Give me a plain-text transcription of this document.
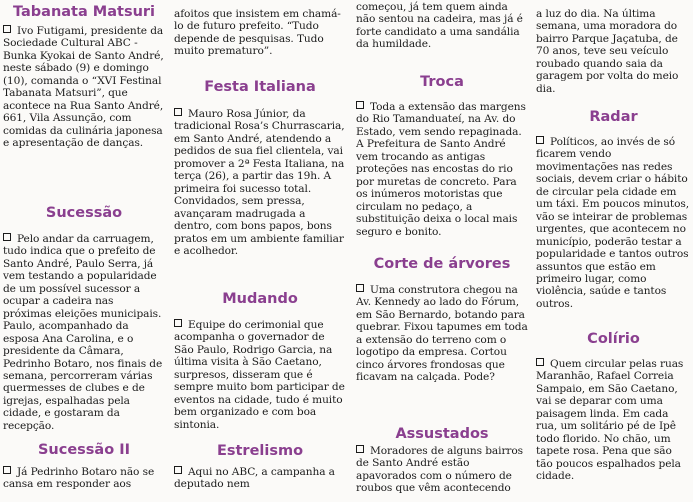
Tabanata Matsuri

Ivo Futigami, presidente da Sociedade Cultural ABC - Bunka Kyokai de Santo André, neste sábado (9) e domingo (10), comanda o “XVI Festinal Tabanata Matsuri”, que acontece na Rua Santo André, 661, Vila Assunção, com comidas da culinária japonesa e apresentação de danças.

Sucessão

Pelo andar da carruagem, tudo indica que o prefeito de Santo André, Paulo Serra, já vem testando a popularidade de um possível sucessor a ocupar a cadeira nas próximas eleições municipais. Paulo, acompanhado da esposa Ana Carolina, e o presidente da Câmara, Pedrinho Botaro, nos finais de semana, percorreram várias quermesses de clubes e de igrejas, espalhadas pela cidade, e gostaram da recepção.

Sucessão II

Já Pedrinho Botaro não se cansa em responder aos

afoitos que insistem em chamá-lo de futuro prefeito. “Tudo depende de pesquisas. Tudo muito prematuro”.

Festa Italiana

Mauro Rosa Júnior, da tradicional Rosa’s Churrascaria, em Santo André, atendendo a pedidos de sua fiel clientela, vai promover a 2ª Festa Italiana, na terça (26), a partir das 19h. A primeira foi sucesso total. Convidados, sem pressa, avançaram madrugada a dentro, com bons papos, bons pratos em um ambiente familiar e acolhedor.

Mudando

Equipe do cerimonial que acompanha o governador de São Paulo, Rodrigo Garcia, na última visita à São Caetano, surpresos, disseram que é sempre muito bom participar de eventos na cidade, tudo é muito bem organizado e com boa sintonia.

Estrelismo

Aqui no ABC, a campanha a deputado nem

começou, já tem quem ainda não sentou na cadeira, mas já é forte candidato a uma sandália da humildade.

Troca

Toda a extensão das margens do Rio Tamanduateí, na Av. do Estado, vem sendo repaginada. A Prefeitura de Santo André vem trocando as antigas proteções nas encostas do rio por muretas de concreto. Para os inúmeros motoristas que circulam no pedaço, a substituição deixa o local mais seguro e bonito.

Corte de árvores

Uma construtora chegou na Av. Kennedy ao lado do Fórum, em São Bernardo, botando para quebrar. Fixou tapumes em toda a extensão do terreno com o logotipo da empresa. Cortou cinco árvores frondosas que ficavam na calçada. Pode?

Assustados

Moradores de alguns bairros de Santo André estão apavorados com o número de roubos que vêm acontecendo

a luz do dia. Na última semana, uma moradora do bairro Parque Jaçatuba, de 70 anos, teve seu veículo roubado quando saia da garagem por volta do meio dia.

Radar

Políticos, ao invés de só ficarem vendo movimentações nas redes sociais, devem criar o hábito de circular pela cidade em um táxi. Em poucos minutos, vão se inteirar de problemas urgentes, que acontecem no município, poderão testar a popularidade e tantos outros assuntos que estão em primeiro lugar, como violência, saúde e tantos outros.

Colírio

Quem circular pelas ruas Maranhão, Rafael Correia Sampaio, em São Caetano, vai se deparar com uma paisagem linda. Em cada rua, um solitário pé de Ipê todo florido. No chão, um tapete rosa. Pena que são tão poucos espalhados pela cidade.
